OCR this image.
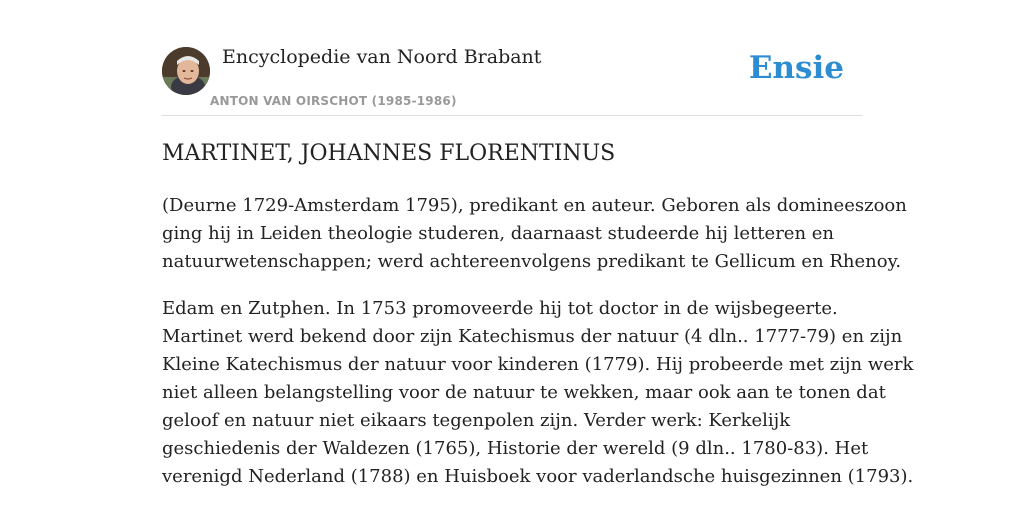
Encyclopedie van Noord Brabant
ANTON VAN OIRSCHOT (1985-1986)
Ensie
MARTINET, JOHANNES FLORENTINUS

(Deurne 1729-Amsterdam 1795), predikant en auteur. Geboren als domineeszoon
ging hij in Leiden theologie studeren, daarnaast studeerde hij letteren en
natuurwetenschappen; werd achtereenvolgens predikant te Gellicum en Rhenoy.

Edam en Zutphen. In 1753 promoveerde hij tot doctor in de wijsbegeerte.
Martinet werd bekend door zijn Katechismus der natuur (4 dln.. 1777-79) en zijn
Kleine Katechismus der natuur voor kinderen (1779). Hij probeerde met zijn werk
niet alleen belangstelling voor de natuur te wekken, maar ook aan te tonen dat
geloof en natuur niet eikaars tegenpolen zijn. Verder werk: Kerkelijk
geschiedenis der Waldezen (1765), Historie der wereld (9 dln.. 1780-83). Het
verenigd Nederland (1788) en Huisboek voor vaderlandsche huisgezinnen (1793).
